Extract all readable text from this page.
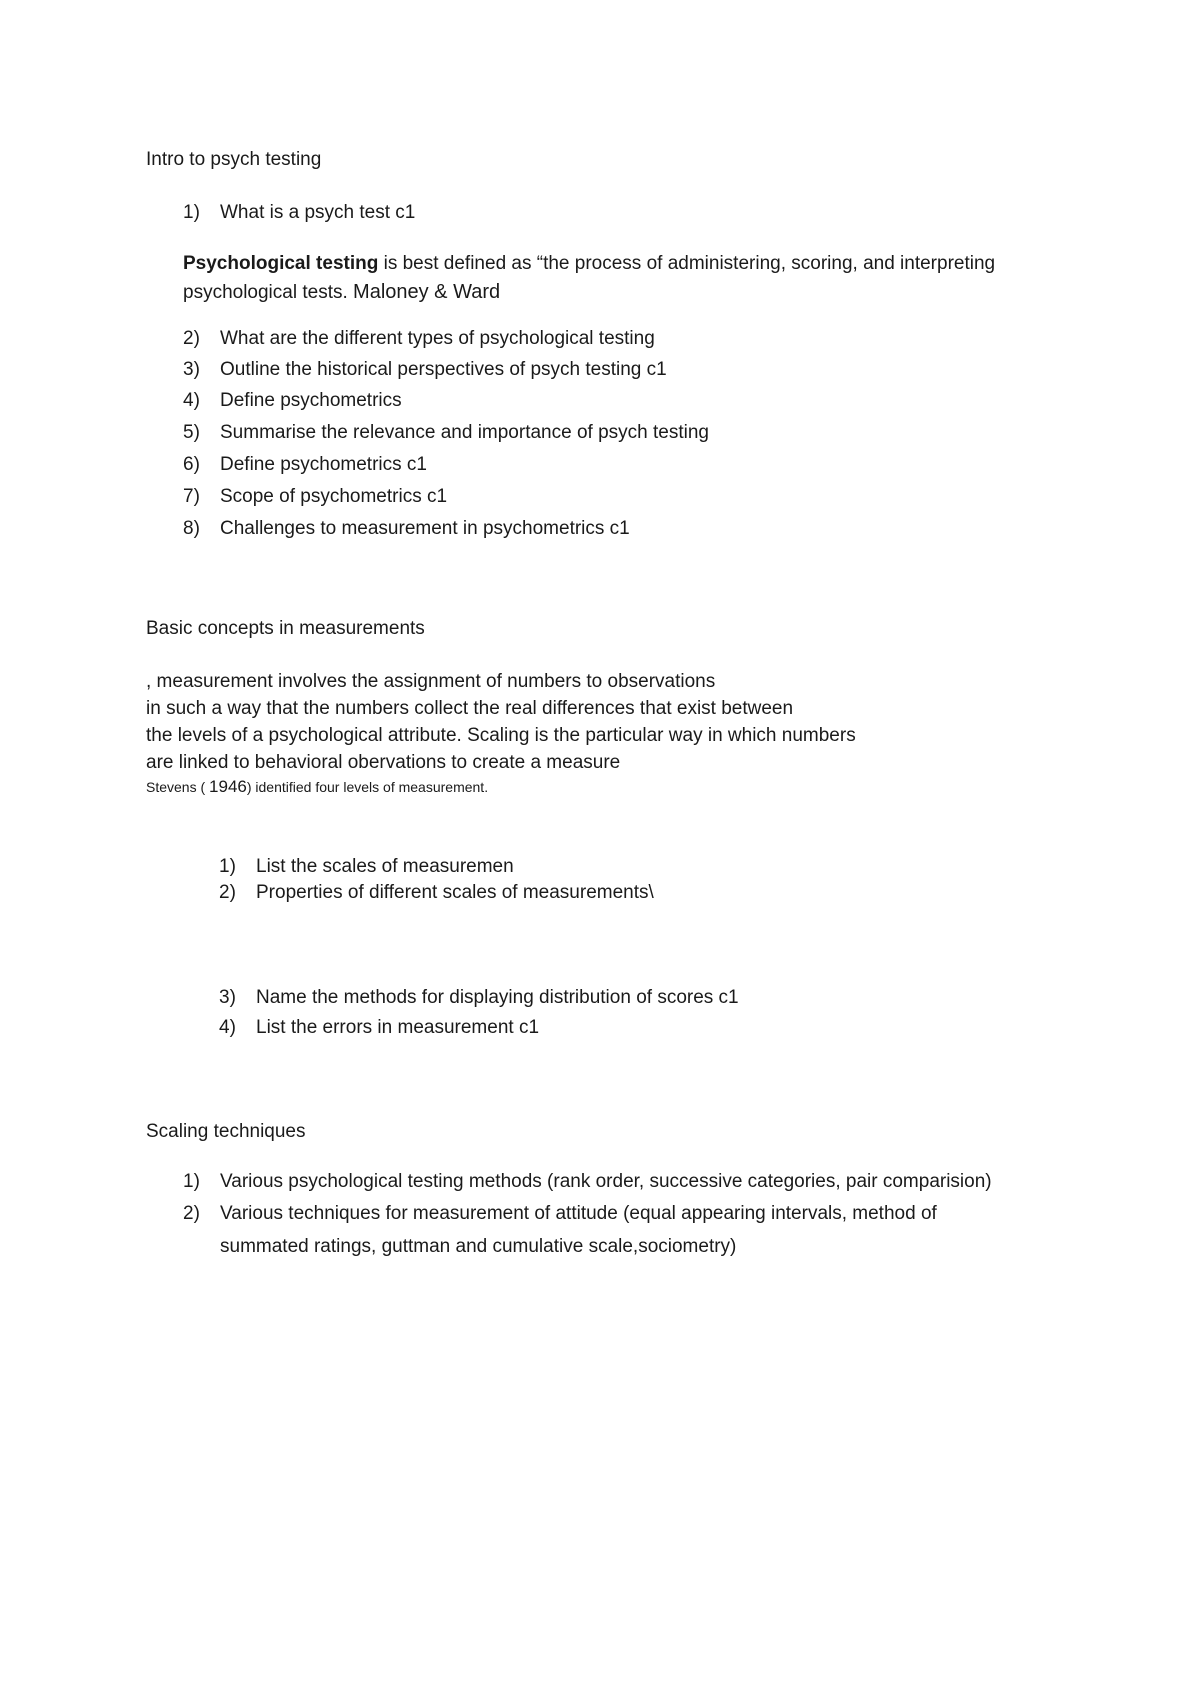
Intro to psych testing
1) What is a psych test c1
Psychological testing is best defined as “the process of administering, scoring, and interpreting
psychological tests. Maloney & Ward
2) What are the different types of psychological testing
3) Outline the historical perspectives of psych testing c1
4) Define psychometrics
5) Summarise the relevance and importance of psych testing
6) Define psychometrics c1
7) Scope of psychometrics c1
8) Challenges to measurement in psychometrics c1
Basic concepts in measurements
, measurement involves the assignment of numbers to observations
in such a way that the numbers collect the real differences that exist between
the levels of a psychological attribute. Scaling is the particular way in which numbers
are linked to behavioral obervations to create a measure
Stevens ( 1946) identified four levels of measurement.
1) List the scales of measuremen
2) Properties of different scales of measurements\
3) Name the methods for displaying distribution of scores c1
4) List the errors in measurement c1
Scaling techniques
1) Various psychological testing methods (rank order, successive categories, pair comparision)
2) Various techniques for measurement of attitude (equal appearing intervals, method of
summated ratings, guttman and cumulative scale,sociometry)
